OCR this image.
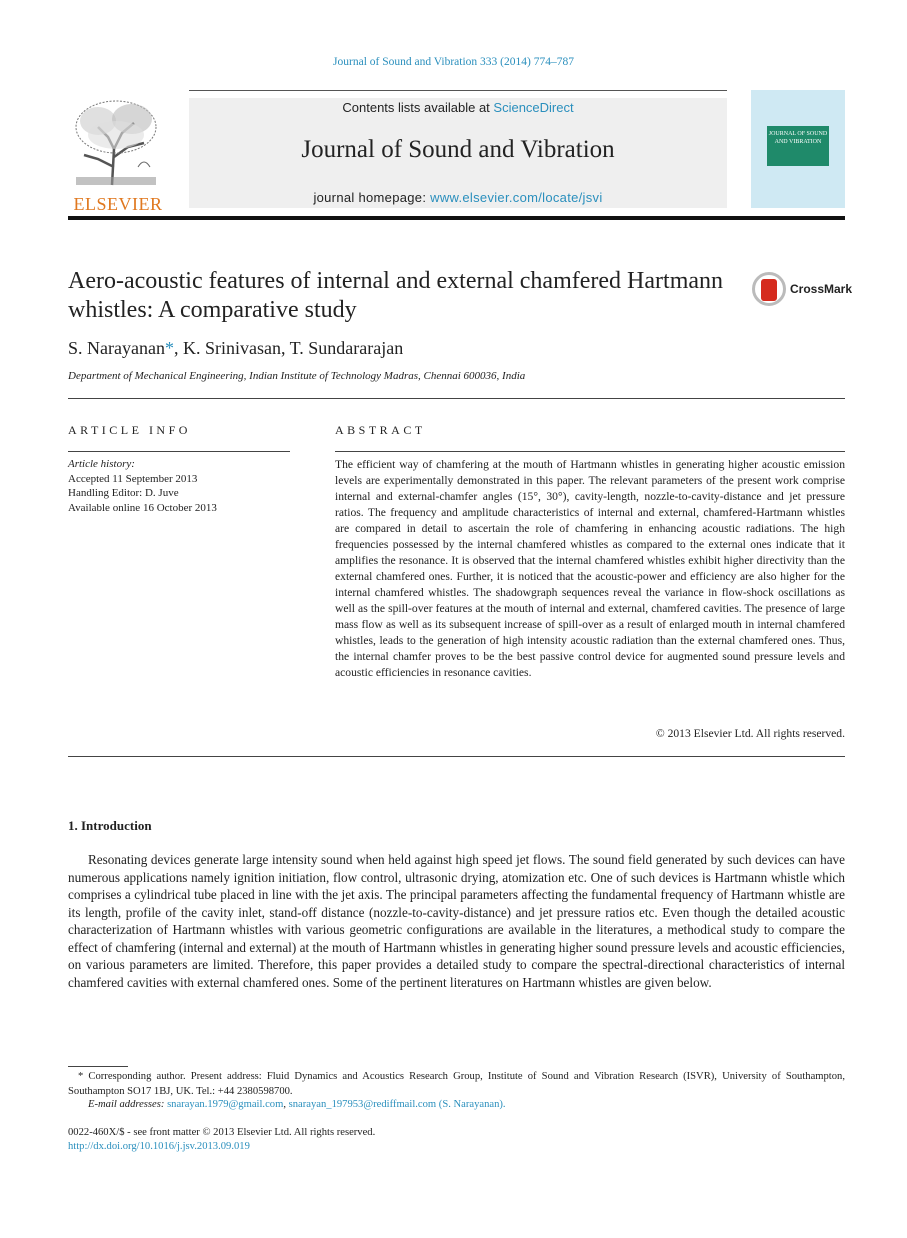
Journal of Sound and Vibration 333 (2014) 774–787
ELSEVIER
Contents lists available at ScienceDirect
Journal of Sound and Vibration
journal homepage: www.elsevier.com/locate/jsvi
JOURNAL OF SOUND AND VIBRATION
Aero-acoustic features of internal and external chamfered Hartmann whistles: A comparative study
CrossMark
S. Narayanan*, K. Srinivasan, T. Sundararajan
Department of Mechanical Engineering, Indian Institute of Technology Madras, Chennai 600036, India
ARTICLE INFO	ABSTRACT
Article history:
Accepted 11 September 2013
Handling Editor: D. Juve
Available online 16 October 2013
The efficient way of chamfering at the mouth of Hartmann whistles in generating higher acoustic emission levels are experimentally demonstrated in this paper. The relevant parameters of the present work comprise internal and external-chamfer angles (15°, 30°), cavity-length, nozzle-to-cavity-distance and jet pressure ratios. The frequency and amplitude characteristics of internal and external, chamfered-Hartmann whistles are compared in detail to ascertain the role of chamfering in enhancing acoustic radiations. The high frequencies possessed by the internal chamfered whistles as compared to the external ones indicate that it amplifies the resonance. It is observed that the internal chamfered whistles exhibit higher directivity than the external chamfered ones. Further, it is noticed that the acoustic-power and efficiency are also higher for the internal chamfered whistles. The shadowgraph sequences reveal the variance in flow-shock oscillations as well as the spill-over features at the mouth of internal and external, chamfered cavities. The presence of large mass flow as well as its subsequent increase of spill-over as a result of enlarged mouth in internal chamfered whistles, leads to the generation of high intensity acoustic radiation than the external chamfered ones. Thus, the internal chamfer proves to be the best passive control device for augmented sound pressure levels and acoustic efficiencies in resonance cavities.
© 2013 Elsevier Ltd. All rights reserved.
1. Introduction
Resonating devices generate large intensity sound when held against high speed jet flows. The sound field generated by such devices can have numerous applications namely ignition initiation, flow control, ultrasonic drying, atomization etc. One of such devices is Hartmann whistle which comprises a cylindrical tube placed in line with the jet axis. The principal parameters affecting the fundamental frequency of Hartmann whistle are its length, profile of the cavity inlet, stand-off distance (nozzle-to-cavity-distance) and jet pressure ratios etc. Even though the detailed acoustic characterization of Hartmann whistles with various geometric configurations are available in the literatures, a methodical study to compare the effect of chamfering (internal and external) at the mouth of Hartmann whistles in generating higher sound pressure levels and acoustic efficiencies, on various parameters are limited. Therefore, this paper provides a detailed study to compare the spectral-directional characteristics of internal chamfered cavities with external chamfered ones. Some of the pertinent literatures on Hartmann whistles are given below.
* Corresponding author. Present address: Fluid Dynamics and Acoustics Research Group, Institute of Sound and Vibration Research (ISVR), University of Southampton, Southampton SO17 1BJ, UK. Tel.: +44 2380598700.
E-mail addresses: snarayan.1979@gmail.com, snarayan_197953@rediffmail.com (S. Narayanan).
0022-460X/$ - see front matter © 2013 Elsevier Ltd. All rights reserved.
http://dx.doi.org/10.1016/j.jsv.2013.09.019
